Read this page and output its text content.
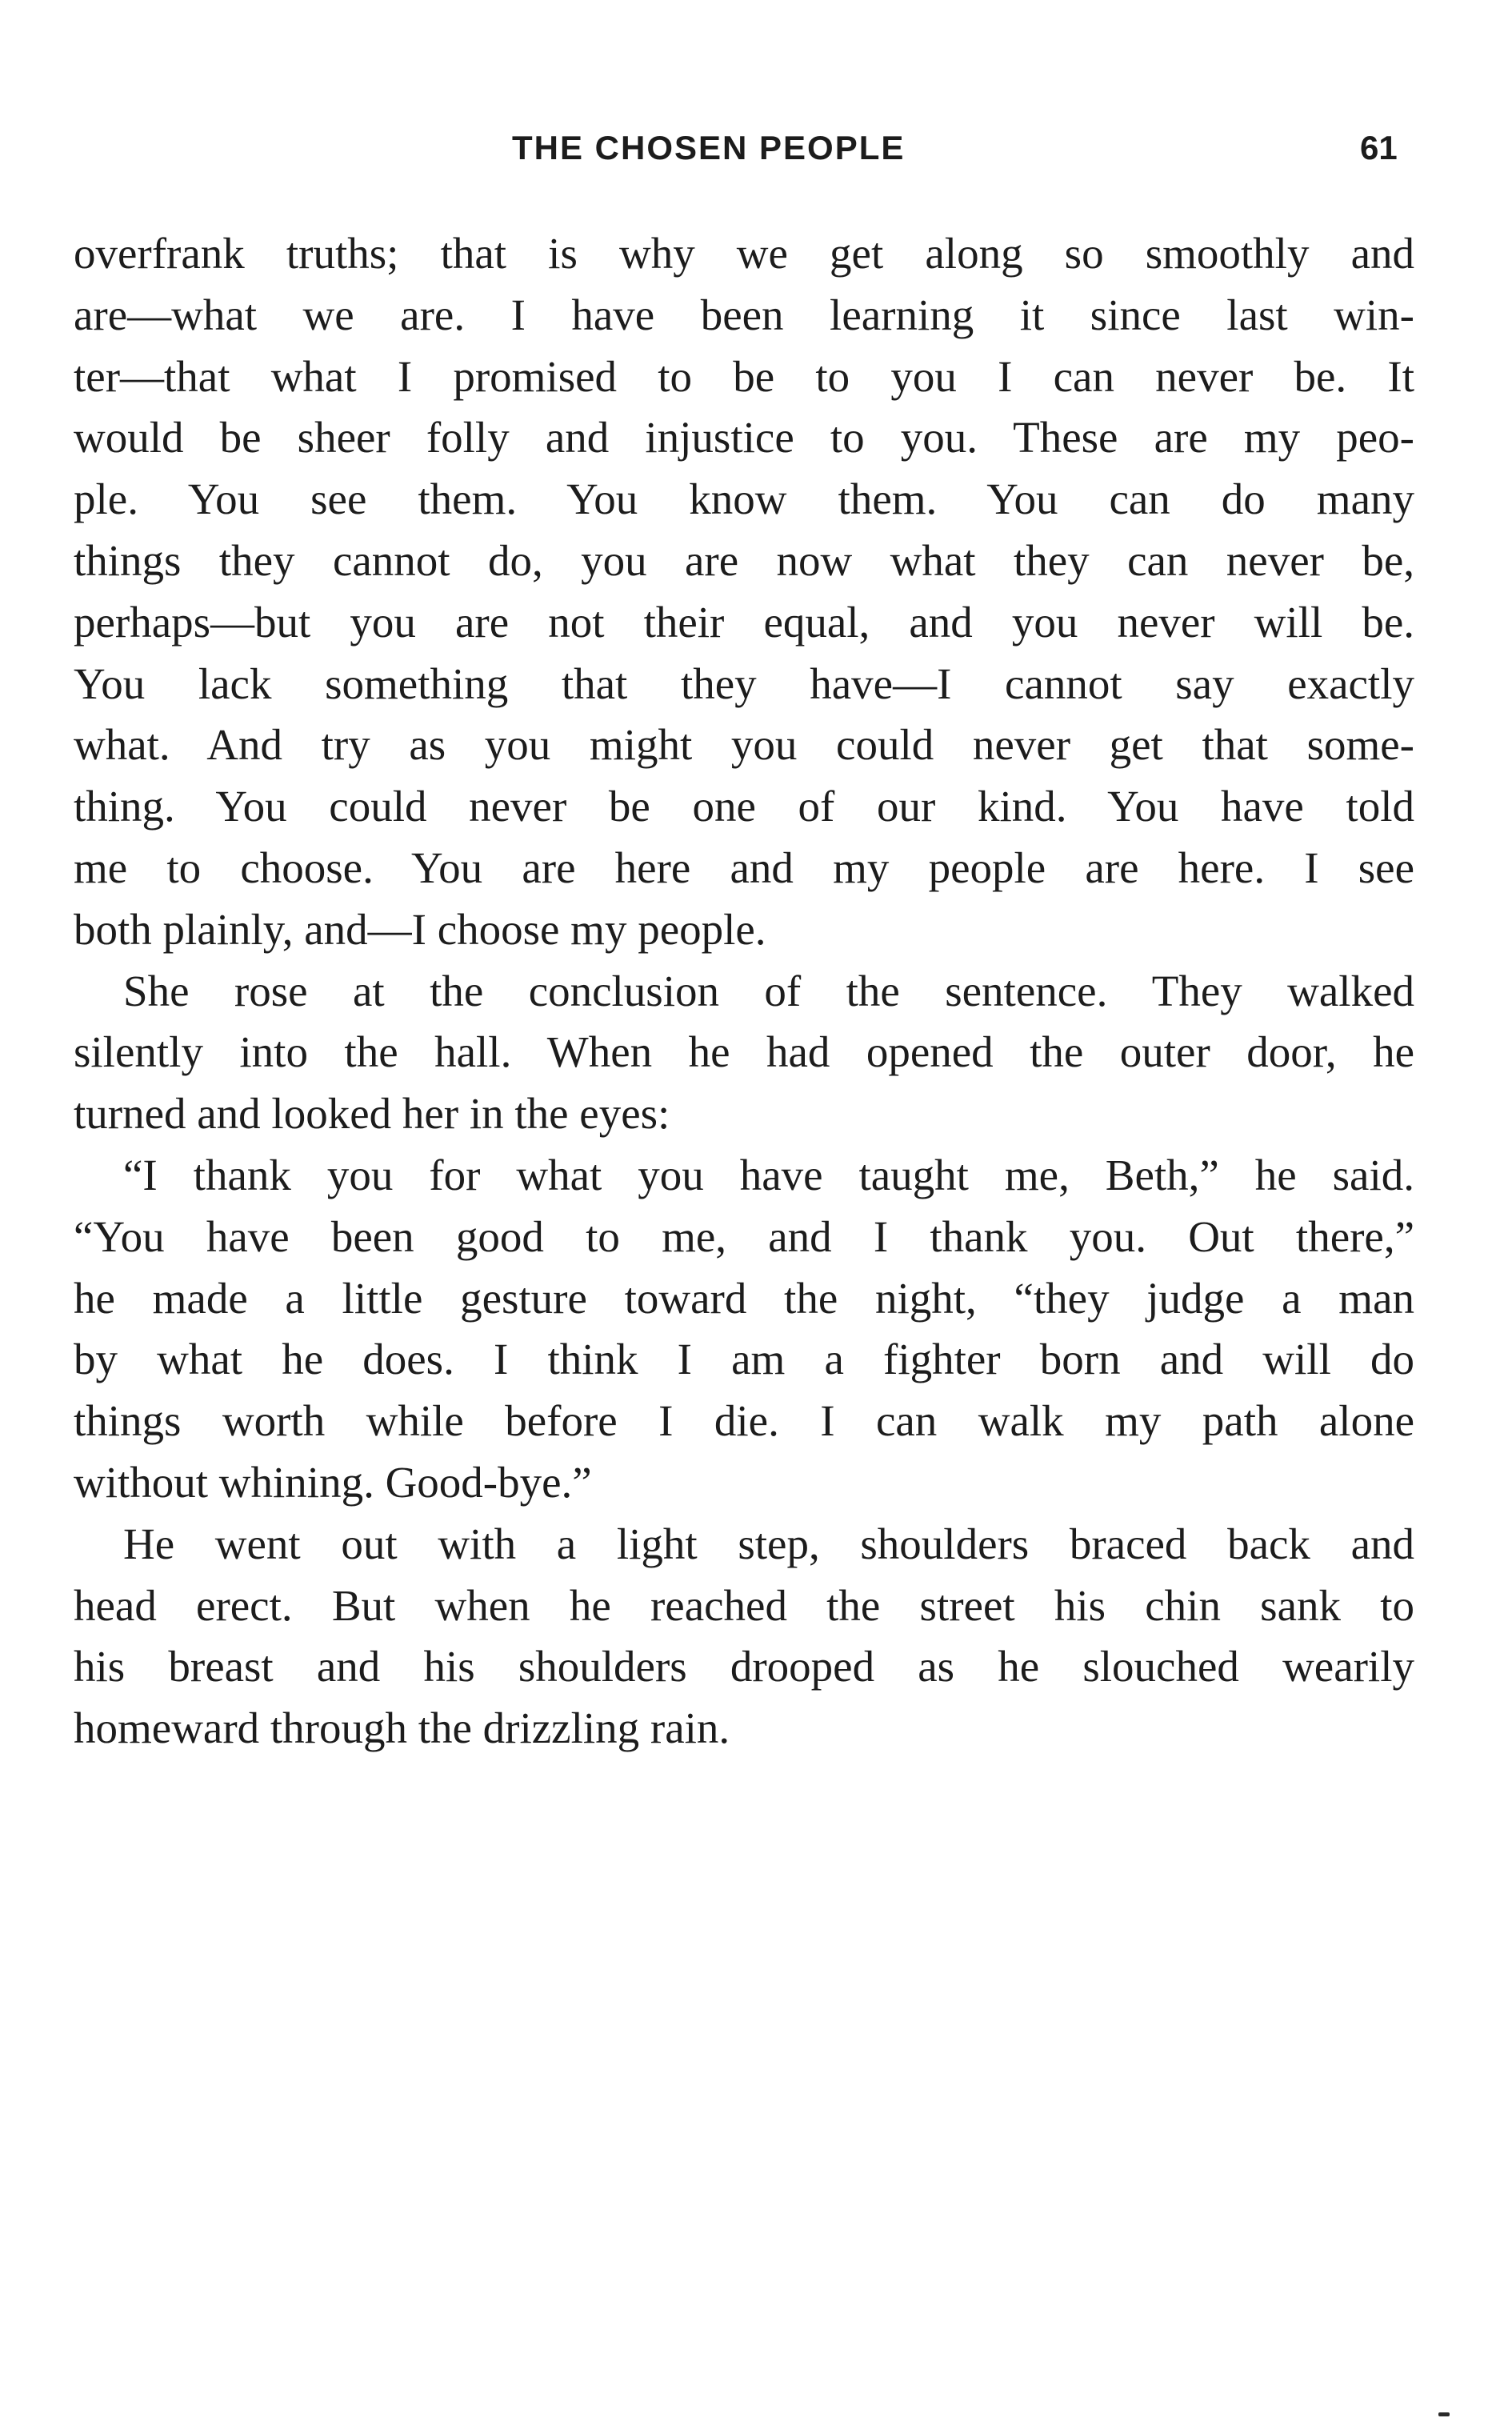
THE CHOSEN PEOPLE	61
overfrank truths; that is why we get along so smoothly and
are—what we are. I have been learning it since last win-
ter—that what I promised to be to you I can never be. It
would be sheer folly and injustice to you. These are my peo-
ple. You see them. You know them. You can do many
things they cannot do, you are now what they can never be,
perhaps—but you are not their equal, and you never will be.
You lack something that they have—I cannot say exactly
what. And try as you might you could never get that some-
thing. You could never be one of our kind. You have told
me to choose. You are here and my people are here. I see
both plainly, and—I choose my people.
She rose at the conclusion of the sentence. They walked
silently into the hall. When he had opened the outer door, he
turned and looked her in the eyes:
“I thank you for what you have taught me, Beth,” he said.
“You have been good to me, and I thank you. Out there,”
he made a little gesture toward the night, “they judge a man
by what he does. I think I am a fighter born and will do
things worth while before I die. I can walk my path alone
without whining. Good-bye.”
He went out with a light step, shoulders braced back and
head erect. But when he reached the street his chin sank to
his breast and his shoulders drooped as he slouched wearily
homeward through the drizzling rain.
